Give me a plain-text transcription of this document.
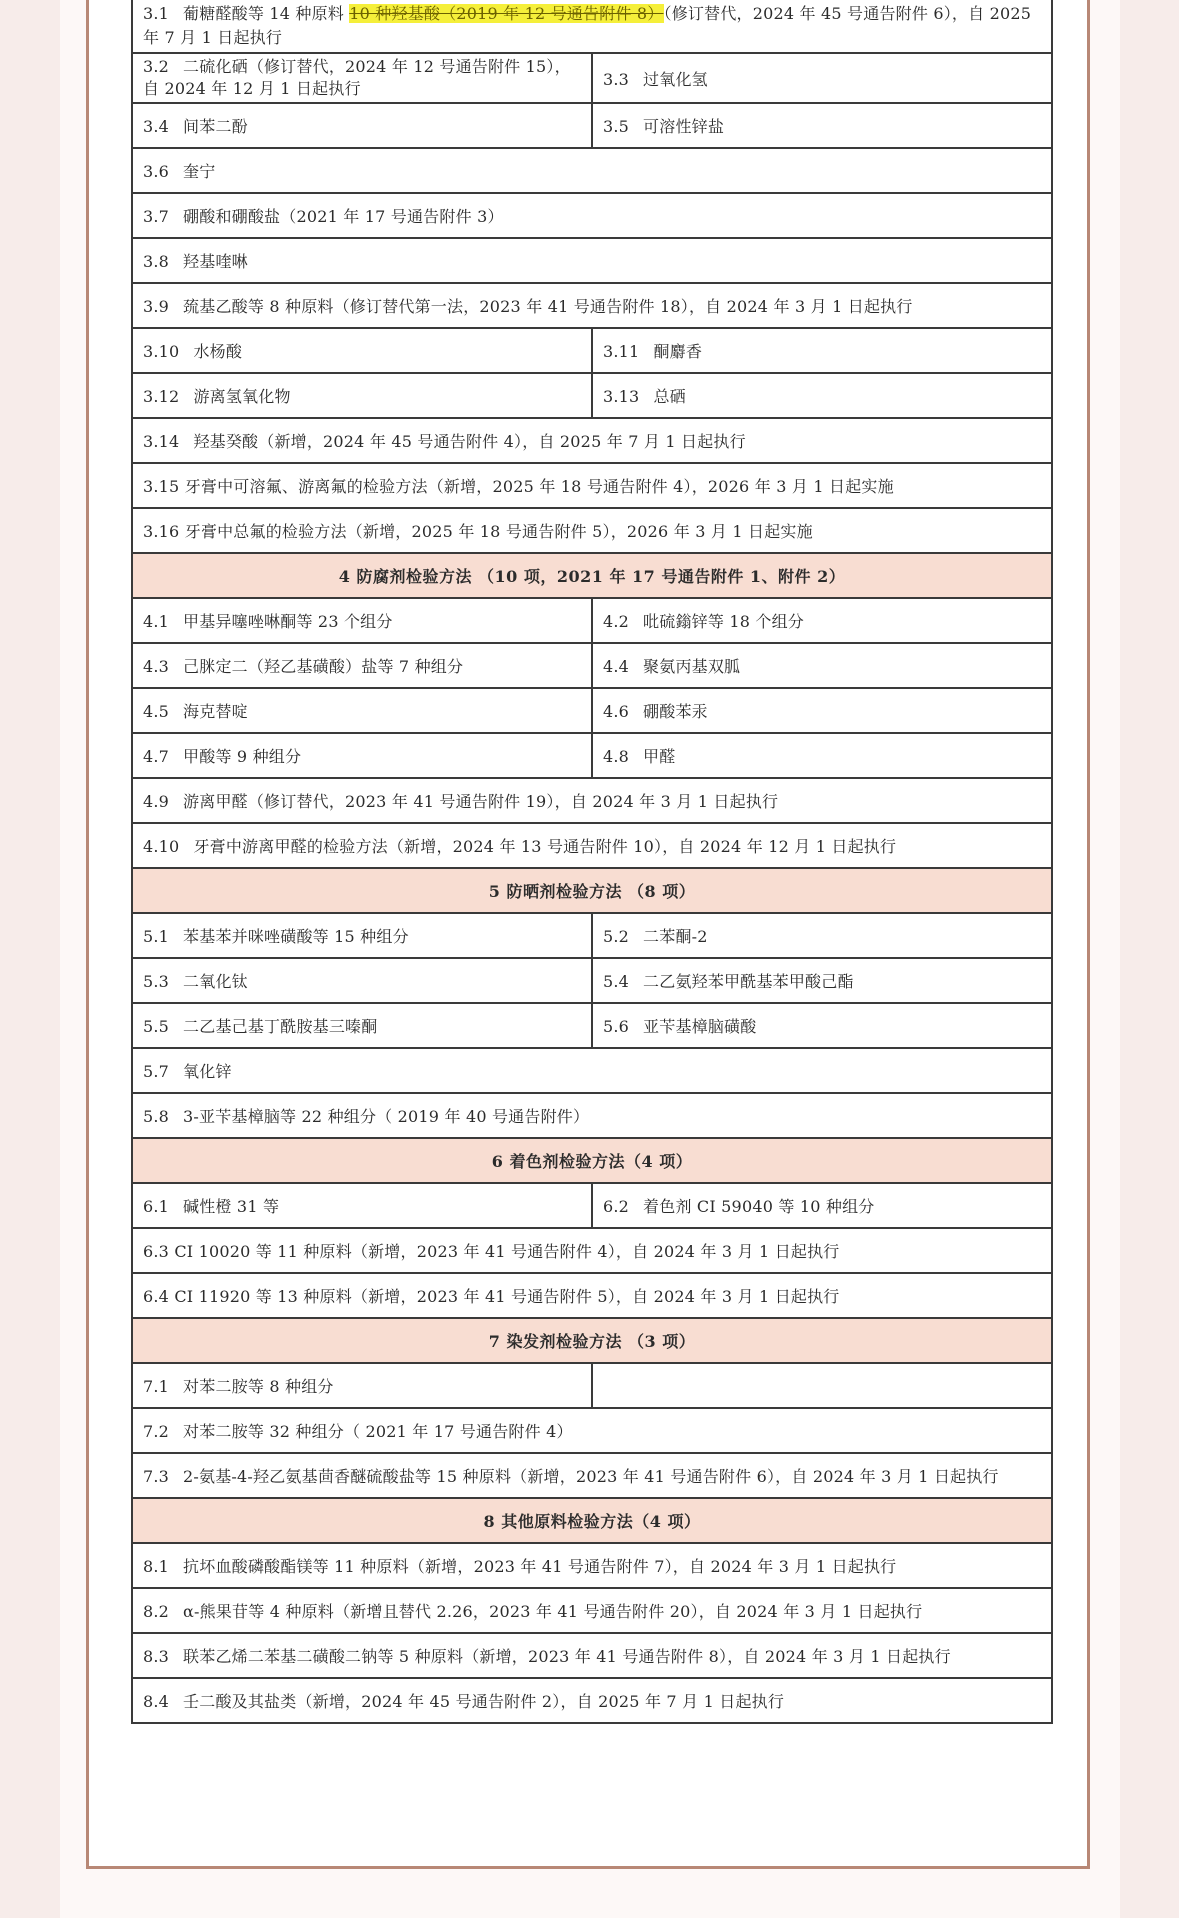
3.1 葡糖醛酸等 14 种原料 10 种羟基酸（2019 年 12 号通告附件 8）（修订替代，2024 年 45 号通告附件 6），自 2025 年 7 月 1 日起执行	
3.2 二硫化硒（修订替代，2024 年 12 号通告附件 15），自 2024 年 12 月 1 日起执行	3.3 过氧化氢
3.4 间苯二酚	3.5 可溶性锌盐
3.6 奎宁	
3.7 硼酸和硼酸盐（2021 年 17 号通告附件 3）	
3.8 羟基喹啉	
3.9 巯基乙酸等 8 种原料（修订替代第一法，2023 年 41 号通告附件 18），自 2024 年 3 月 1 日起执行	
3.10 水杨酸	3.11 酮麝香
3.12 游离氢氧化物	3.13 总硒
3.14 羟基癸酸（新增，2024 年 45 号通告附件 4），自 2025 年 7 月 1 日起执行	
3.15 牙膏中可溶氟、游离氟的检验方法（新增，2025 年 18 号通告附件 4），2026 年 3 月 1 日起实施	
3.16 牙膏中总氟的检验方法（新增，2025 年 18 号通告附件 5），2026 年 3 月 1 日起实施	
4 防腐剂检验方法 （10 项，2021 年 17 号通告附件 1、附件 2）	
4.1 甲基异噻唑啉酮等 23 个组分	4.2 吡硫鎓锌等 18 个组分
4.3 己脒定二（羟乙基磺酸）盐等 7 种组分	4.4 聚氨丙基双胍
4.5 海克替啶	4.6 硼酸苯汞
4.7 甲酸等 9 种组分	4.8 甲醛
4.9 游离甲醛（修订替代，2023 年 41 号通告附件 19），自 2024 年 3 月 1 日起执行	
4.10 牙膏中游离甲醛的检验方法（新增，2024 年 13 号通告附件 10），自 2024 年 12 月 1 日起执行	
5 防晒剂检验方法 （8 项）	
5.1 苯基苯并咪唑磺酸等 15 种组分	5.2 二苯酮-2
5.3 二氧化钛	5.4 二乙氨羟苯甲酰基苯甲酸己酯
5.5 二乙基己基丁酰胺基三嗪酮	5.6 亚苄基樟脑磺酸
5.7 氧化锌	
5.8 3-亚苄基樟脑等 22 种组分（ 2019 年 40 号通告附件）	
6 着色剂检验方法（4 项）	
6.1 碱性橙 31 等	6.2 着色剂 CI 59040 等 10 种组分
6.3 CI 10020 等 11 种原料（新增，2023 年 41 号通告附件 4），自 2024 年 3 月 1 日起执行	
6.4 CI 11920 等 13 种原料（新增，2023 年 41 号通告附件 5），自 2024 年 3 月 1 日起执行	
7 染发剂检验方法 （3 项）	
7.1 对苯二胺等 8 种组分	
7.2 对苯二胺等 32 种组分（ 2021 年 17 号通告附件 4）	
7.3 2-氨基-4-羟乙氨基茴香醚硫酸盐等 15 种原料（新增，2023 年 41 号通告附件 6），自 2024 年 3 月 1 日起执行	
8 其他原料检验方法（4 项）	
8.1 抗坏血酸磷酸酯镁等 11 种原料（新增，2023 年 41 号通告附件 7），自 2024 年 3 月 1 日起执行	
8.2 α-熊果苷等 4 种原料（新增且替代 2.26，2023 年 41 号通告附件 20），自 2024 年 3 月 1 日起执行	
8.3 联苯乙烯二苯基二磺酸二钠等 5 种原料（新增，2023 年 41 号通告附件 8），自 2024 年 3 月 1 日起执行	
8.4 壬二酸及其盐类（新增，2024 年 45 号通告附件 2），自 2025 年 7 月 1 日起执行	
